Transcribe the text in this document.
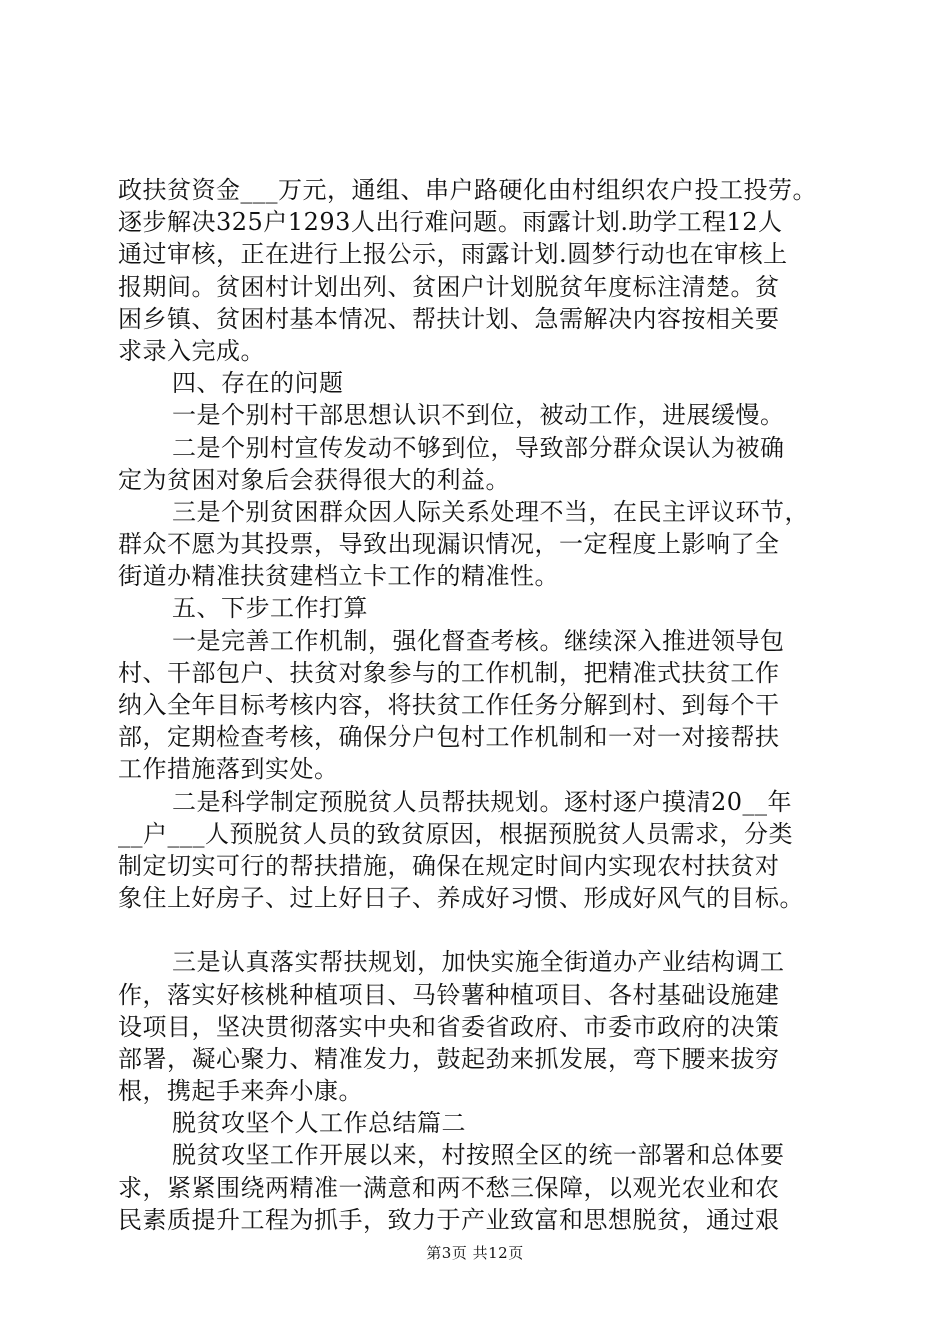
政扶贫资金___万元，通组、串户路硬化由村组织农户投工投劳。
逐步解决325户1293人出行难问题。雨露计划.助学工程12人
通过审核，正在进行上报公示，雨露计划.圆梦行动也在审核上
报期间。贫困村计划出列、贫困户计划脱贫年度标注清楚。贫
困乡镇、贫困村基本情况、帮扶计划、急需解决内容按相关要
求录入完成。
四、存在的问题
一是个别村干部思想认识不到位，被动工作，进展缓慢。
二是个别村宣传发动不够到位，导致部分群众误认为被确
定为贫困对象后会获得很大的利益。
三是个别贫困群众因人际关系处理不当，在民主评议环节，
群众不愿为其投票，导致出现漏识情况，一定程度上影响了全
街道办精准扶贫建档立卡工作的精准性。
五、下步工作打算
一是完善工作机制，强化督查考核。继续深入推进领导包
村、干部包户、扶贫对象参与的工作机制，把精准式扶贫工作
纳入全年目标考核内容，将扶贫工作任务分解到村、到每个干
部，定期检查考核，确保分户包村工作机制和一对一对接帮扶
工作措施落到实处。
二是科学制定预脱贫人员帮扶规划。逐村逐户摸清20__年
__户___人预脱贫人员的致贫原因，根据预脱贫人员需求，分类
制定切实可行的帮扶措施，确保在规定时间内实现农村扶贫对
象住上好房子、过上好日子、养成好习惯、形成好风气的目标。
三是认真落实帮扶规划，加快实施全街道办产业结构调工
作，落实好核桃种植项目、马铃薯种植项目、各村基础设施建
设项目，坚决贯彻落实中央和省委省政府、市委市政府的决策
部署，凝心聚力、精准发力，鼓起劲来抓发展，弯下腰来拔穷
根，携起手来奔小康。
脱贫攻坚个人工作总结篇二
脱贫攻坚工作开展以来，村按照全区的统一部署和总体要
求，紧紧围绕两精准一满意和两不愁三保障，以观光农业和农
民素质提升工程为抓手，致力于产业致富和思想脱贫，通过艰
第3页 共12页
